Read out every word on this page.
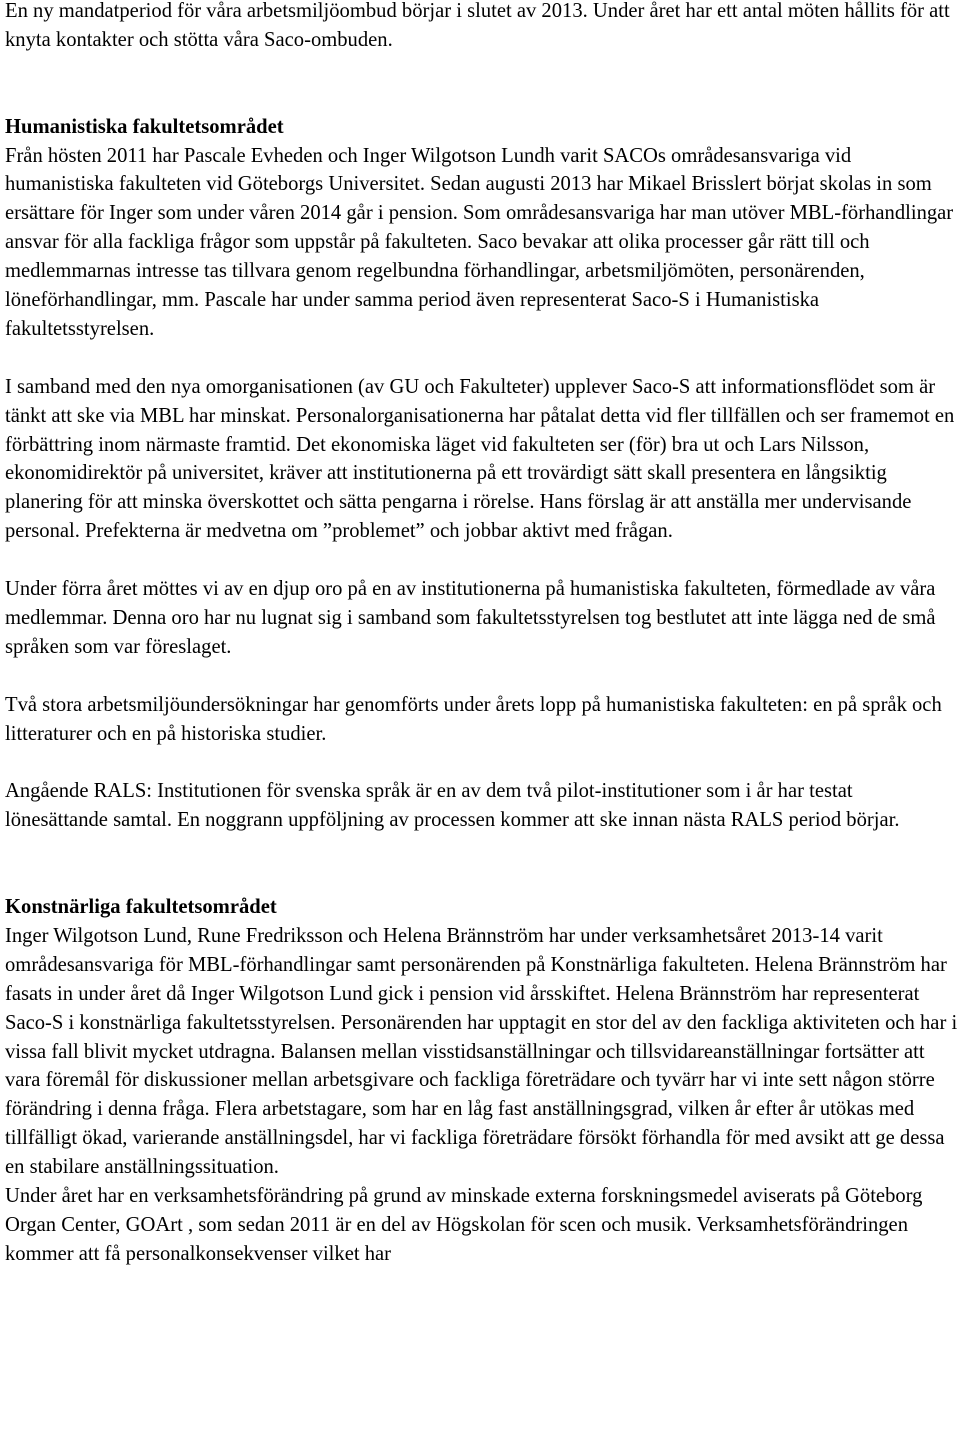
En ny mandatperiod för våra arbetsmiljöombud börjar i slutet av 2013. Under året har ett antal möten hållits för att knyta kontakter och stötta våra Saco-ombuden.

Humanistiska fakultetsområdet

Från hösten 2011 har Pascale Evheden och Inger Wilgotson Lundh varit SACOs områdesansvariga vid humanistiska fakulteten vid Göteborgs Universitet. Sedan augusti 2013 har Mikael Brisslert börjat skolas in som ersättare för Inger som under våren 2014 går i pension. Som områdesansvariga har man utöver MBL-förhandlingar ansvar för alla fackliga frågor som uppstår på fakulteten. Saco bevakar att olika processer går rätt till och medlemmarnas intresse tas tillvara genom regelbundna förhandlingar, arbetsmiljömöten, personärenden, löneförhandlingar, mm. Pascale har under samma period även representerat Saco-S i Humanistiska fakultetsstyrelsen.

I samband med den nya omorganisationen (av GU och Fakulteter) upplever Saco-S att informationsflödet som är tänkt att ske via MBL har minskat. Personalorganisationerna har påtalat detta vid fler tillfällen och ser framemot en förbättring inom närmaste framtid. Det ekonomiska läget vid fakulteten ser (för) bra ut och Lars Nilsson, ekonomidirektör på universitet, kräver att institutionerna på ett trovärdigt sätt skall presentera en långsiktig planering för att minska överskottet och sätta pengarna i rörelse. Hans förslag är att anställa mer undervisande personal. Prefekterna är medvetna om ”problemet” och jobbar aktivt med frågan.

Under förra året möttes vi av en djup oro på en av institutionerna på humanistiska fakulteten, förmedlade av våra medlemmar. Denna oro har nu lugnat sig i samband som fakultetsstyrelsen tog bestlutet att inte lägga ned de små språken som var föreslaget.

Två stora arbetsmiljöundersökningar har genomförts under årets lopp på humanistiska fakulteten: en på språk och litteraturer och en på historiska studier.

Angående RALS: Institutionen för svenska språk är en av dem två pilot-institutioner som i år har testat lönesättande samtal. En noggrann uppföljning av processen kommer att ske innan nästa RALS period börjar.

Konstnärliga fakultetsområdet

Inger Wilgotson Lund, Rune Fredriksson och Helena Brännström har under verksamhetsåret 2013-14 varit områdesansvariga för MBL-förhandlingar samt personärenden på Konstnärliga fakulteten. Helena Brännström har fasats in under året då Inger Wilgotson Lund gick i pension vid årsskiftet. Helena Brännström har representerat Saco-S i konstnärliga fakultetsstyrelsen. Personärenden har upptagit en stor del av den fackliga aktiviteten och har i vissa fall blivit mycket utdragna. Balansen mellan visstidsanställningar och tillsvidareanställningar fortsätter att vara föremål för diskussioner mellan arbetsgivare och fackliga företrädare och tyvärr har vi inte sett någon större förändring i denna fråga. Flera arbetstagare, som har en låg fast anställningsgrad, vilken år efter år utökas med tillfälligt ökad, varierande anställningsdel, har vi fackliga företrädare försökt förhandla för med avsikt att ge dessa en stabilare anställningssituation.

Under året har en verksamhetsförändring på grund av minskade externa forskningsmedel aviserats på Göteborg Organ Center, GOArt , som sedan 2011 är en del av Högskolan för scen och musik. Verksamhetsförändringen kommer att få personalkonsekvenser vilket har
